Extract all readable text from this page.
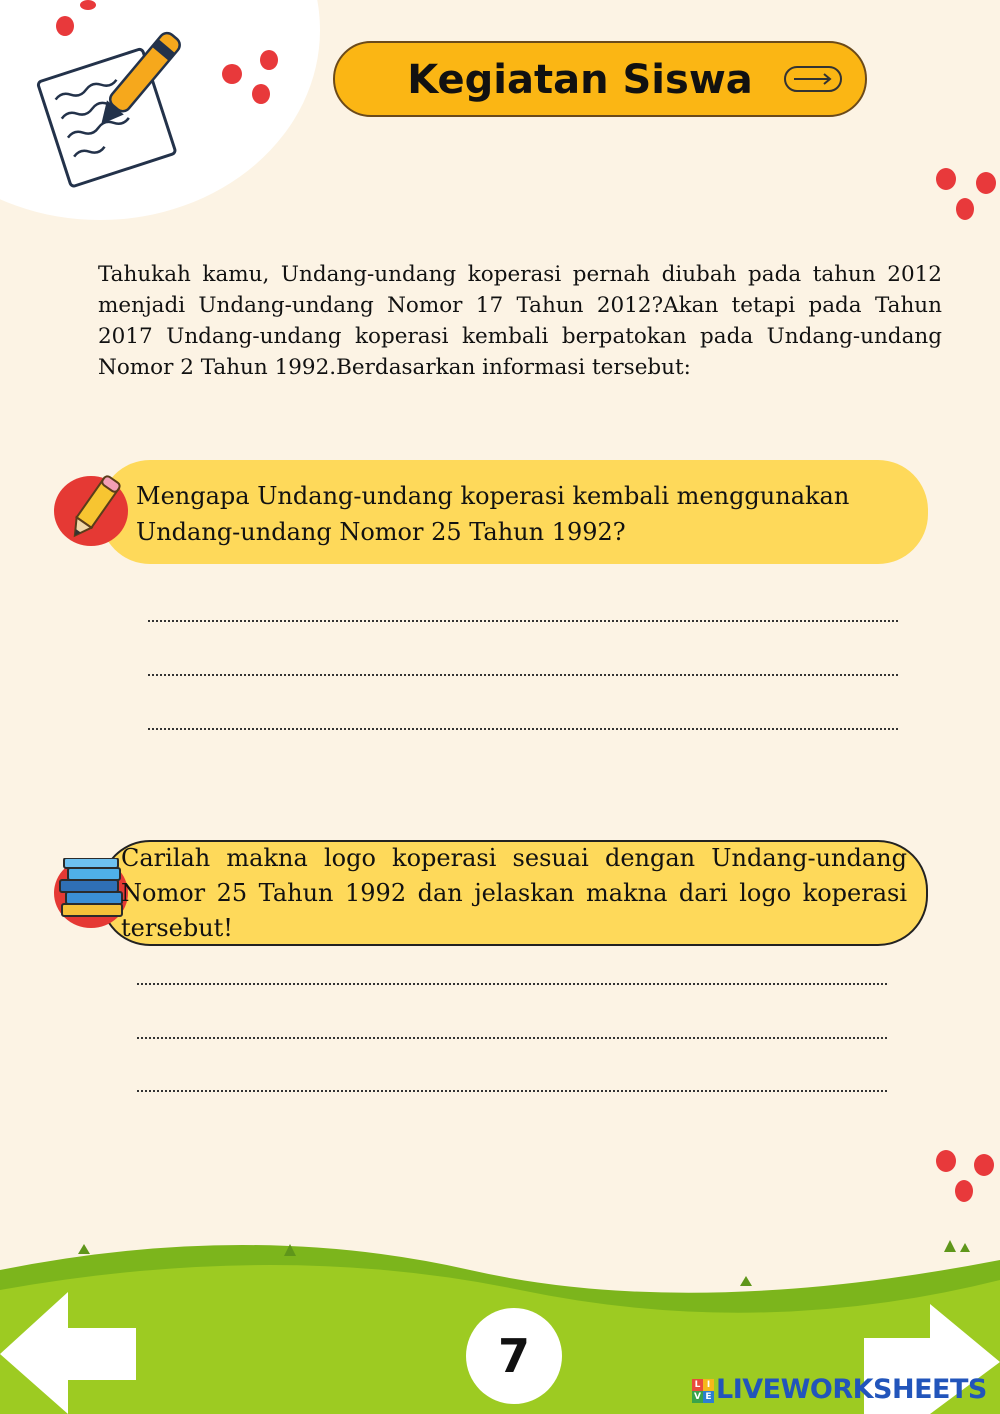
Kegiatan Siswa
Tahukah kamu, Undang-undang koperasi pernah diubah pada tahun 2012 menjadi Undang-undang Nomor 17 Tahun 2012?Akan tetapi pada Tahun 2017 Undang-undang koperasi kembali berpatokan pada Undang-undang Nomor 2 Tahun 1992.Berdasarkan informasi tersebut:
Mengapa Undang-undang koperasi kembali menggunakan Undang-undang Nomor 25 Tahun 1992?
Carilah makna logo koperasi sesuai dengan Undang-undang Nomor 25 Tahun 1992 dan jelaskan makna dari logo koperasi tersebut!
7
L I
V E LIVEWORKSHEETS
